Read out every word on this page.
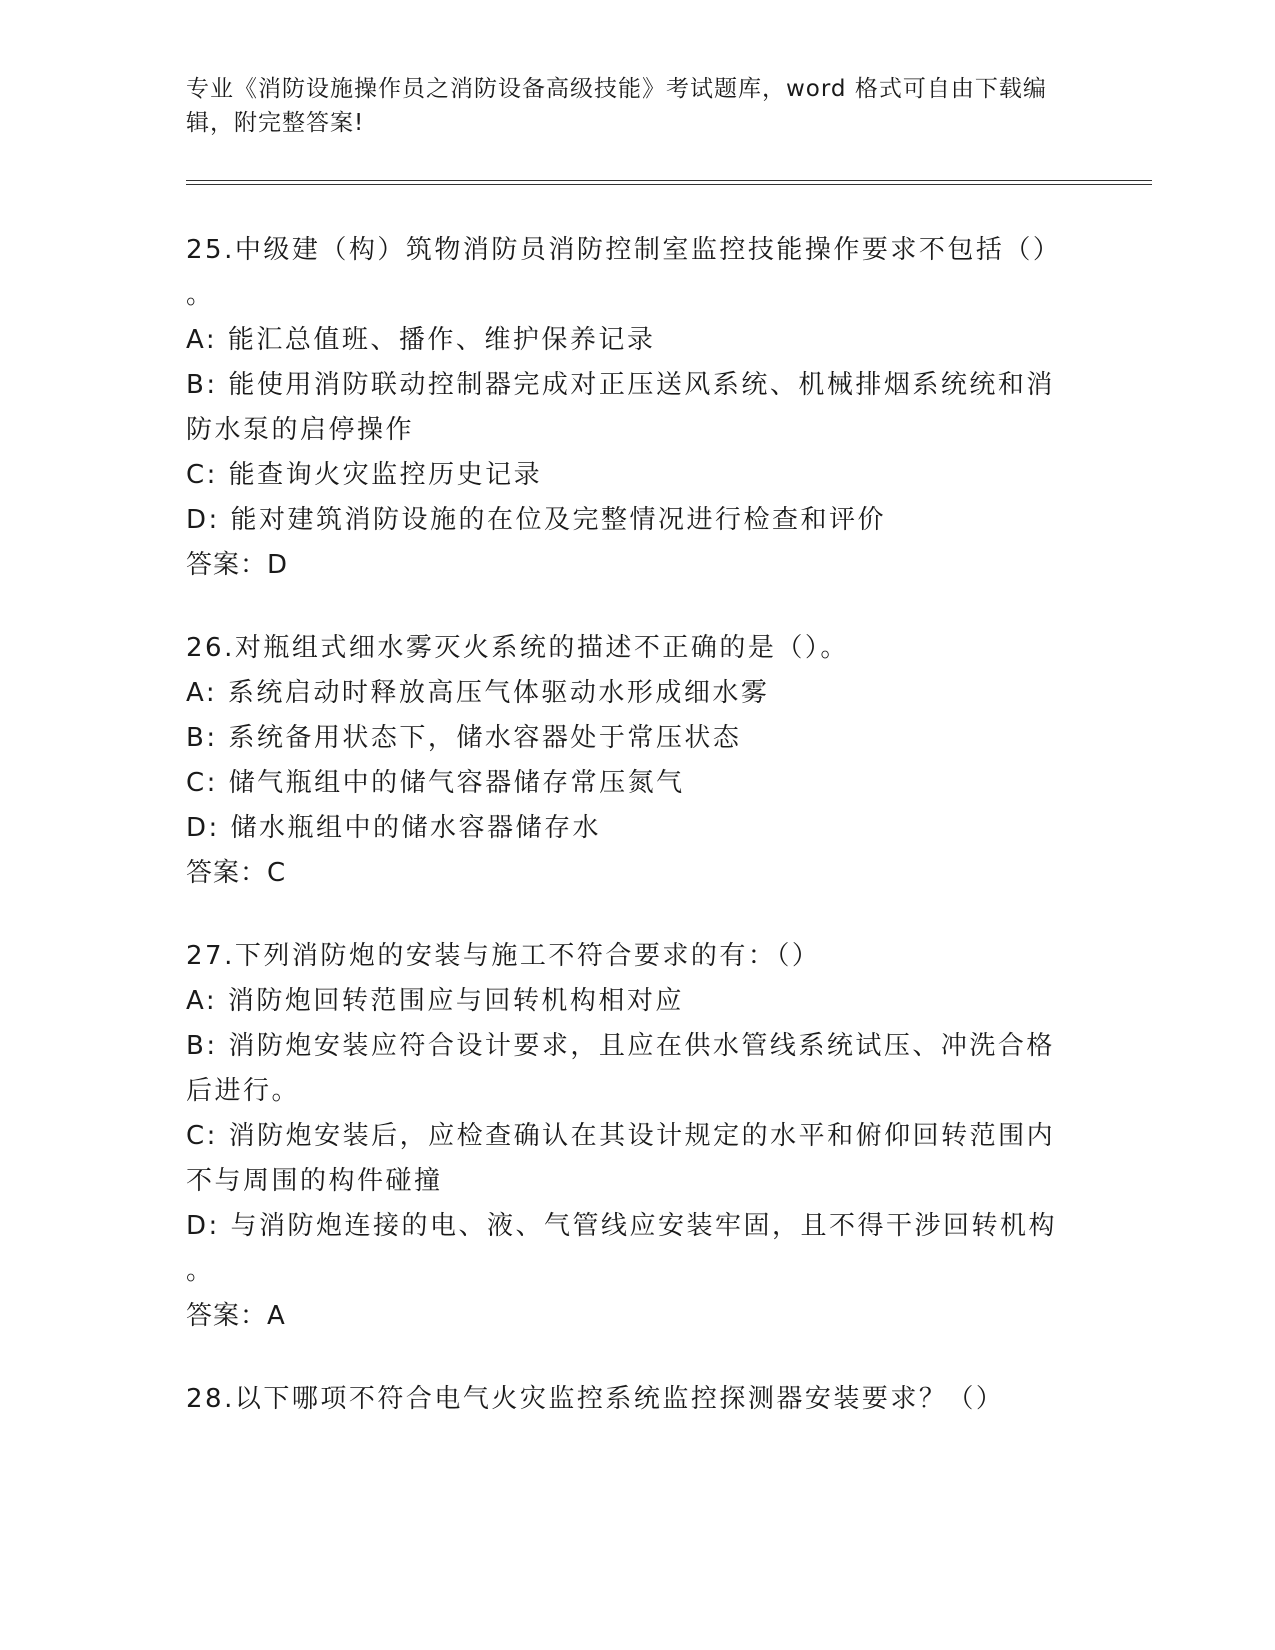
专业《消防设施操作员之消防设备高级技能》考试题库，word 格式可自由下载编
辑，附完整答案!
25.中级建（构）筑物消防员消防控制室监控技能操作要求不包括（）
。
A: 能汇总值班、播作、维护保养记录
B: 能使用消防联动控制器完成对正压送风系统、机械排烟系统统和消
防水泵的启停操作
C: 能查询火灾监控历史记录
D: 能对建筑消防设施的在位及完整情况进行检查和评价
答案：D
26.对瓶组式细水雾灭火系统的描述不正确的是（）。
A: 系统启动时释放高压气体驱动水形成细水雾
B: 系统备用状态下，储水容器处于常压状态
C: 储气瓶组中的储气容器储存常压氮气
D: 储水瓶组中的储水容器储存水
答案：C
27.下列消防炮的安装与施工不符合要求的有：（）
A: 消防炮回转范围应与回转机构相对应
B: 消防炮安装应符合设计要求，且应在供水管线系统试压、冲洗合格
后进行。
C: 消防炮安装后，应检查确认在其设计规定的水平和俯仰回转范围内
不与周围的构件碰撞
D: 与消防炮连接的电、液、气管线应安装牢固，且不得干涉回转机构
。
答案：A
28.以下哪项不符合电气火灾监控系统监控探测器安装要求？（）
